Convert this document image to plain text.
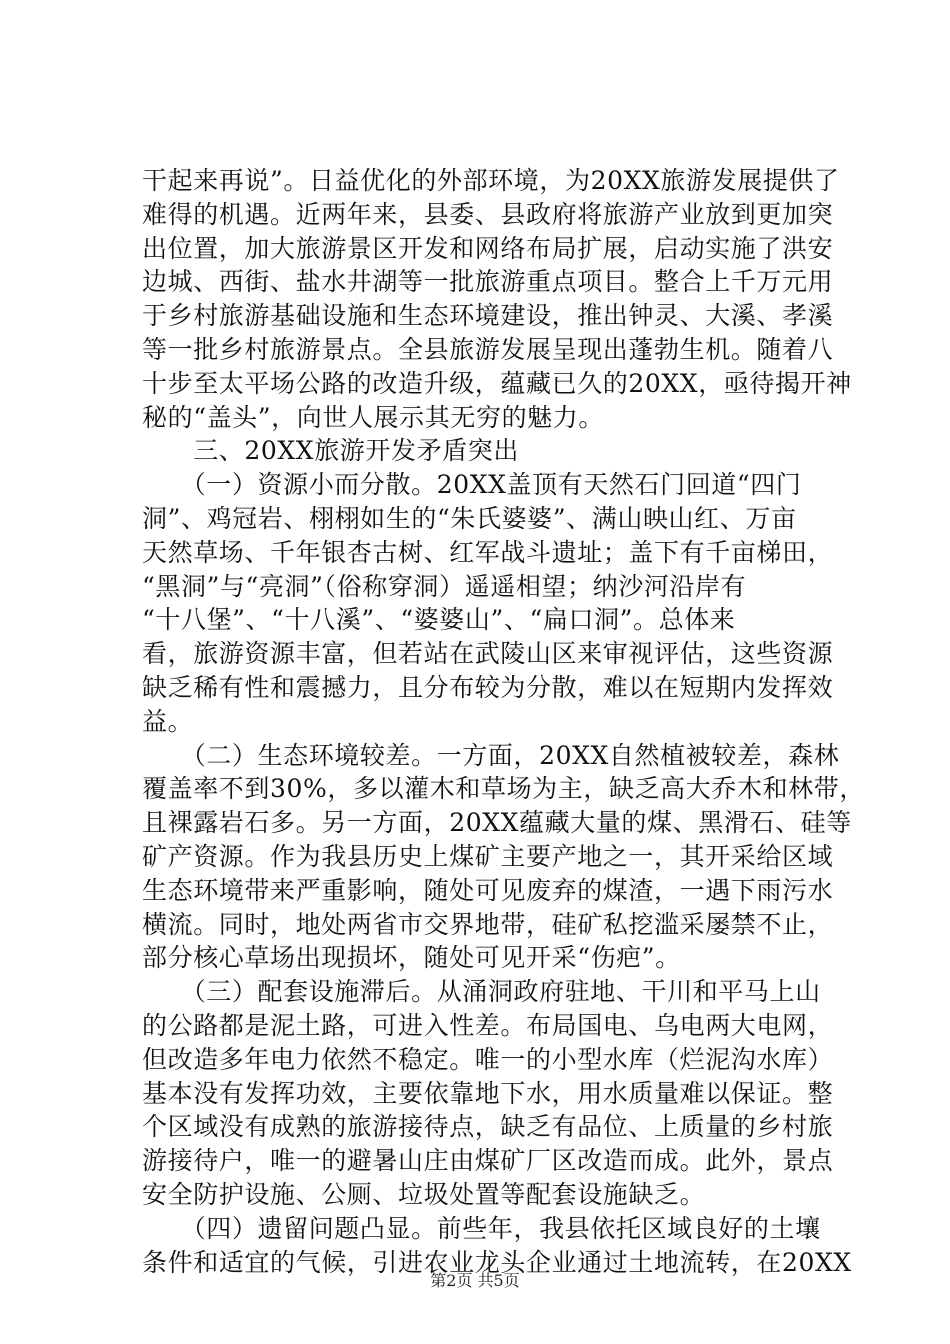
干起来再说”。日益优化的外部环境，为20XX旅游发展提供了
难得的机遇。近两年来，县委、县政府将旅游产业放到更加突
出位置，加大旅游景区开发和网络布局扩展，启动实施了洪安
边城、西街、盐水井湖等一批旅游重点项目。整合上千万元用
于乡村旅游基础设施和生态环境建设，推出钟灵、大溪、孝溪
等一批乡村旅游景点。全县旅游发展呈现出蓬勃生机。随着八
十步至太平场公路的改造升级，蕴藏已久的20XX，亟待揭开神
秘的“盖头”，向世人展示其无穷的魅力。
　　三、20XX旅游开发矛盾突出
　　（一）资源小而分散。20XX盖顶有天然石门回道“四门
洞”、鸡冠岩、栩栩如生的“朱氏婆婆”、满山映山红、万亩
天然草场、千年银杏古树、红军战斗遗址；盖下有千亩梯田，
“黑洞”与“亮洞”（俗称穿洞）遥遥相望；纳沙河沿岸有
“十八堡”、“十八溪”、“婆婆山”、“扁口洞”。总体来
看，旅游资源丰富，但若站在武陵山区来审视评估，这些资源
缺乏稀有性和震撼力，且分布较为分散，难以在短期内发挥效
益。
　　（二）生态环境较差。一方面，20XX自然植被较差，森林
覆盖率不到30%，多以灌木和草场为主，缺乏高大乔木和林带，
且裸露岩石多。另一方面，20XX蕴藏大量的煤、黑滑石、硅等
矿产资源。作为我县历史上煤矿主要产地之一，其开采给区域
生态环境带来严重影响，随处可见废弃的煤渣，一遇下雨污水
横流。同时，地处两省市交界地带，硅矿私挖滥采屡禁不止，
部分核心草场出现损坏，随处可见开采“伤疤”。
　　（三）配套设施滞后。从涌洞政府驻地、干川和平马上山
的公路都是泥土路，可进入性差。布局国电、乌电两大电网，
但改造多年电力依然不稳定。唯一的小型水库（烂泥沟水库）
基本没有发挥功效，主要依靠地下水，用水质量难以保证。整
个区域没有成熟的旅游接待点，缺乏有品位、上质量的乡村旅
游接待户，唯一的避暑山庄由煤矿厂区改造而成。此外，景点
安全防护设施、公厕、垃圾处置等配套设施缺乏。
　　（四）遗留问题凸显。前些年，我县依托区域良好的土壤
条件和适宜的气候，引进农业龙头企业通过土地流转，在20XX
第2页 共5页
